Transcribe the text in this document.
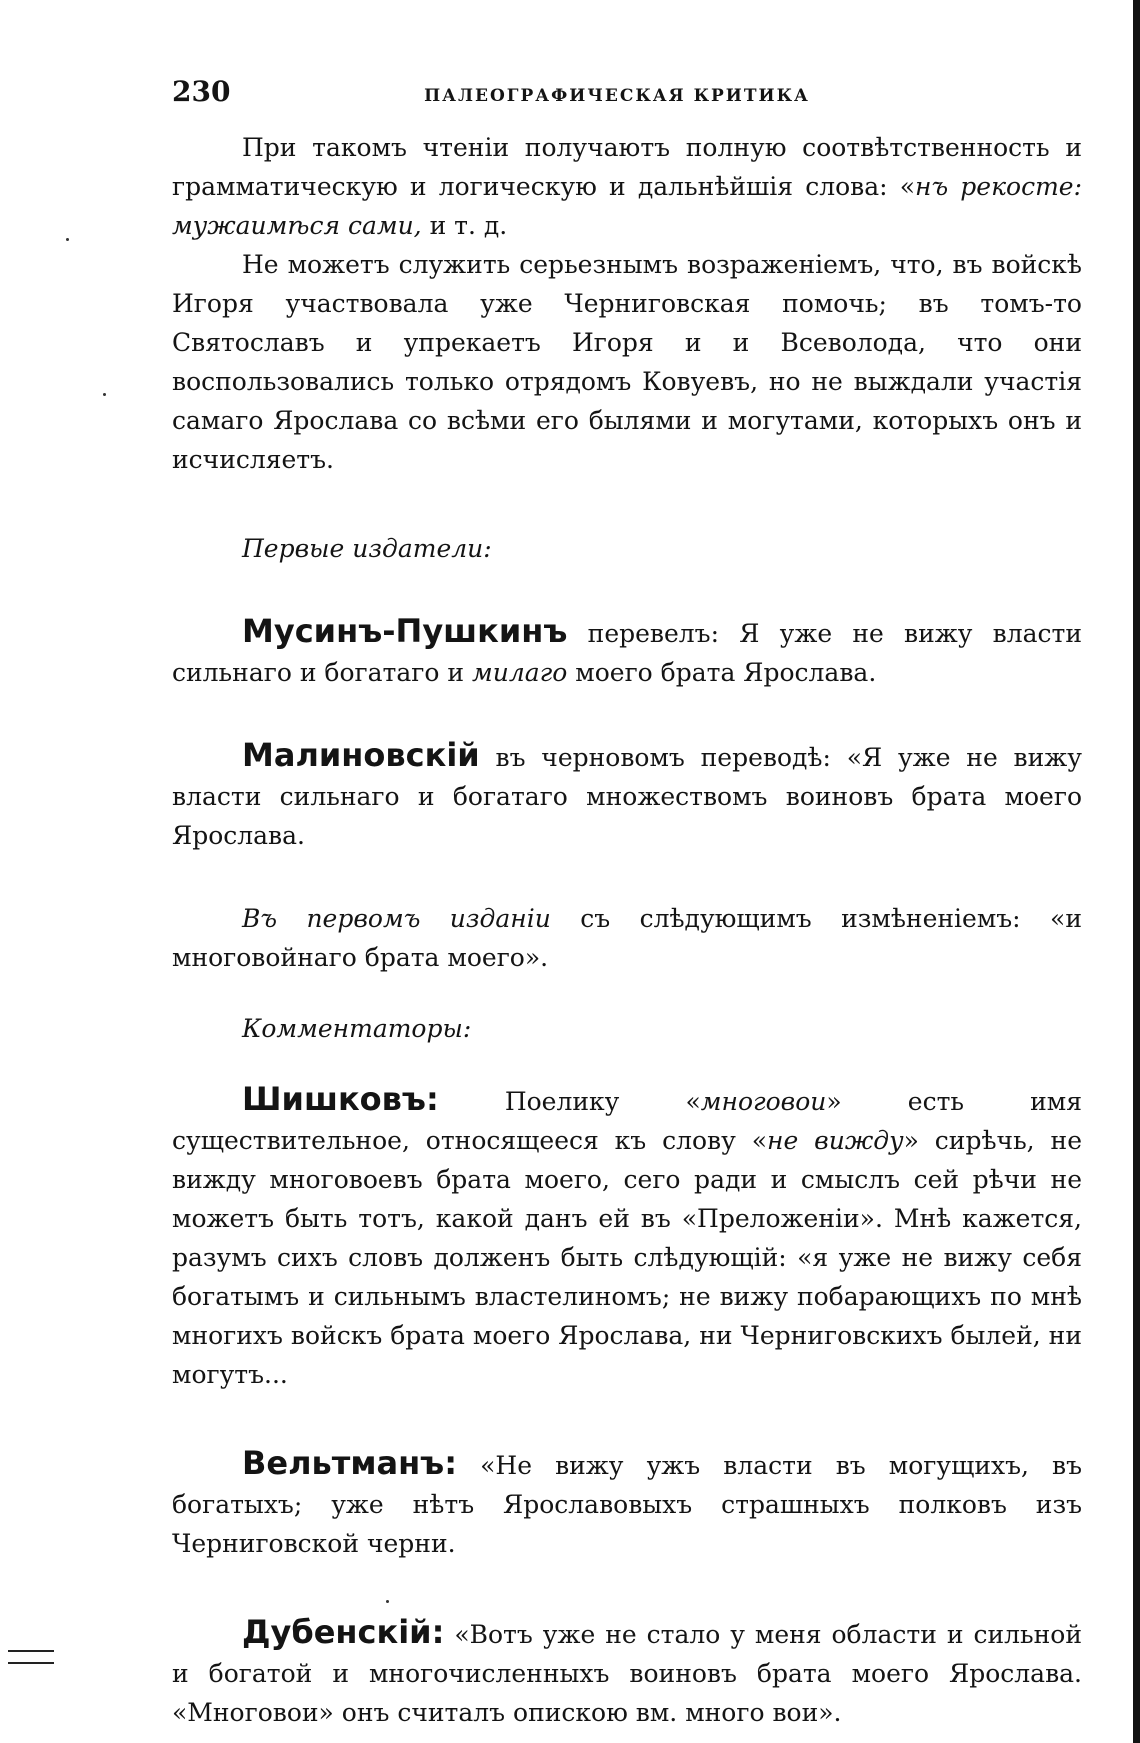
230	ПАЛЕОГРАФИЧЕСКАЯ КРИТИКА

При такомъ чтеніи получаютъ полную соотвѣтственность и грамматическую и логическую и дальнѣйшія слова: «нъ рекосте: мужаимѣся сами, и т. д.

Не можетъ служить серьезнымъ возраженіемъ, что, въ войскѣ Игоря участвовала уже Черниговская помочь; въ томъ-то Святославъ и упрекаетъ Игоря и и Всеволода, что они воспользовались только отрядомъ Ковуевъ, но не выждали участія самаго Ярослава со всѣми его былями и могутами, которыхъ онъ и исчисляетъ.

Первые издатели:

Мусинъ-Пушкинъ перевелъ: Я уже не вижу власти сильнаго и богатаго и милаго моего брата Ярослава.

Малиновскій въ черновомъ переводѣ: «Я уже не вижу власти сильнаго и богатаго множествомъ воиновъ брата моего Ярослава.

Въ первомъ изданіи съ слѣдующимъ измѣненіемъ: «и многовойнаго брата моего».

Комментаторы:

Шишковъ: Поелику «многовои» есть имя существительное, относящееся къ слову «не вижду» сирѣчь, не вижду многовоевъ брата моего, сего ради и смыслъ сей рѣчи не можетъ быть тотъ, какой данъ ей въ «Преложеніи». Мнѣ кажется, разумъ сихъ словъ долженъ быть слѣдующій: «я уже не вижу себя богатымъ и сильнымъ властелиномъ; не вижу побарающихъ по мнѣ многихъ войскъ брата моего Ярослава, ни Черниговскихъ былей, ни могутъ...

Вельтманъ: «Не вижу ужъ власти въ могущихъ, въ богатыхъ; уже нѣтъ Ярославовыхъ страшныхъ полковъ изъ Черниговской черни.

Дубенскій: «Вотъ уже не стало у меня области и сильной и богатой и многочисленныхъ воиновъ брата моего Ярослава. «Многовои» онъ считалъ опискою вм. много вои».
